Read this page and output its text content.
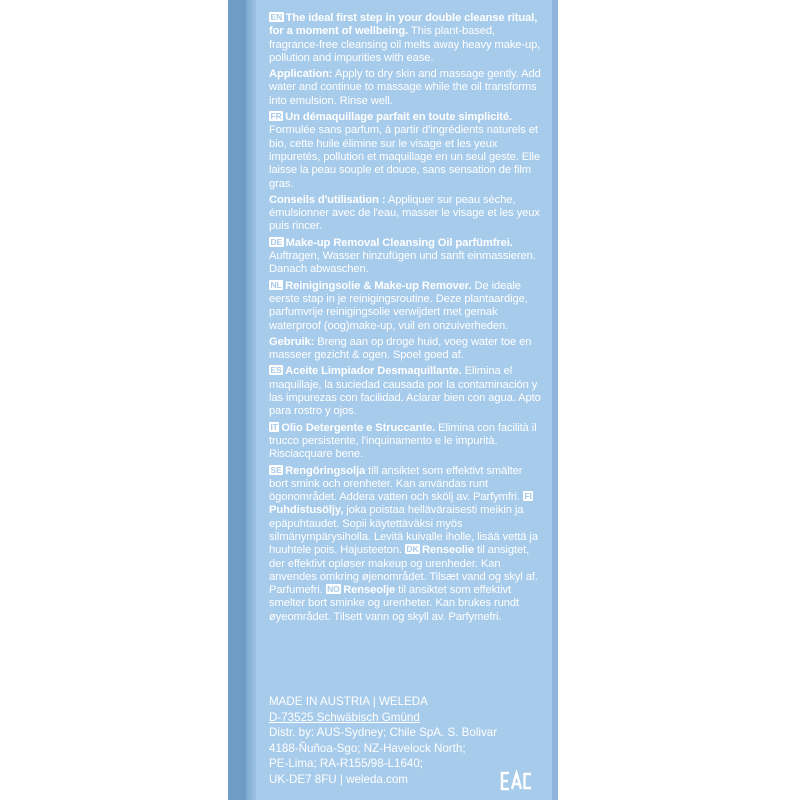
EN The ideal first step in your double cleanse ritual, for a moment of wellbeing. This plant-based, fragrance-free cleansing oil melts away heavy make-up, pollution and impurities with ease.

Application: Apply to dry skin and massage gently. Add water and continue to massage while the oil transforms into emulsion. Rinse well.

FR Un démaquillage parfait en toute simplicité. Formulée sans parfum, à partir d'ingrédients naturels et bio, cette huile élimine sur le visage et les yeux impuretés, pollution et maquillage en un seul geste. Elle laisse la peau souple et douce, sans sensation de film gras.

Conseils d'utilisation : Appliquer sur peau sèche, émulsionner avec de l'eau, masser le visage et les yeux puis rincer.

DE Make-up Removal Cleansing Oil parfümfrei. Auftragen, Wasser hinzufügen und sanft einmassieren. Danach abwaschen.

NL Reinigingsolie & Make-up Remover. De ideale eerste stap in je reinigingsroutine. Deze plantaardige, parfumvrije reinigingsolie verwijdert met gemak waterproof (oog)make-up, vuil en onzuiverheden.

Gebruik: Breng aan op droge huid, voeg water toe en masseer gezicht & ogen. Spoel goed af.

ES Aceite Limpiador Desmaquillante. Elimina el maquillaje, la suciedad causada por la contaminación y las impurezas con facilidad. Aclarar bien con agua. Apto para rostro y ojos.

IT Olio Detergente e Struccante. Elimina con facilità il trucco persistente, l'inquinamento e le impurità. Risciacquare bene.

SE Rengöringsolja till ansiktet som effektivt smälter bort smink och orenheter. Kan användas runt ögonområdet. Addera vatten och skölj av. Parfymfri. FIPuhdistusöljy, joka poistaa helläväraisesti meikin ja epäpuhtaudet. Sopii käytettäväksi myös silmänympärysiholla. Levitä kuivalle iholle, lisää vettä ja huuhtele pois. Hajusteeton. DK Renseolie til ansigtet, der effektivt opløser makeup og urenheder. Kan anvendes omkring øjenområdet. Tilsæt vand og skyl af. Parfumefri. NO Renseolje til ansiktet som effektivt smelter bort sminke og urenheter. Kan brukes rundt øyeområdet. Tilsett vann og skyll av. Parfymefri.

MADE IN AUSTRIA | WELEDA
D-73525 Schwäbisch Gmünd
Distr. by: AUS-Sydney; Chile SpA. S. Bolivar
4188-Ñuñoa-Sgo; NZ-Havelock North;
PE-Lima; RA-R155/98-L1640;
UK-DE7 8FU | weleda.com
